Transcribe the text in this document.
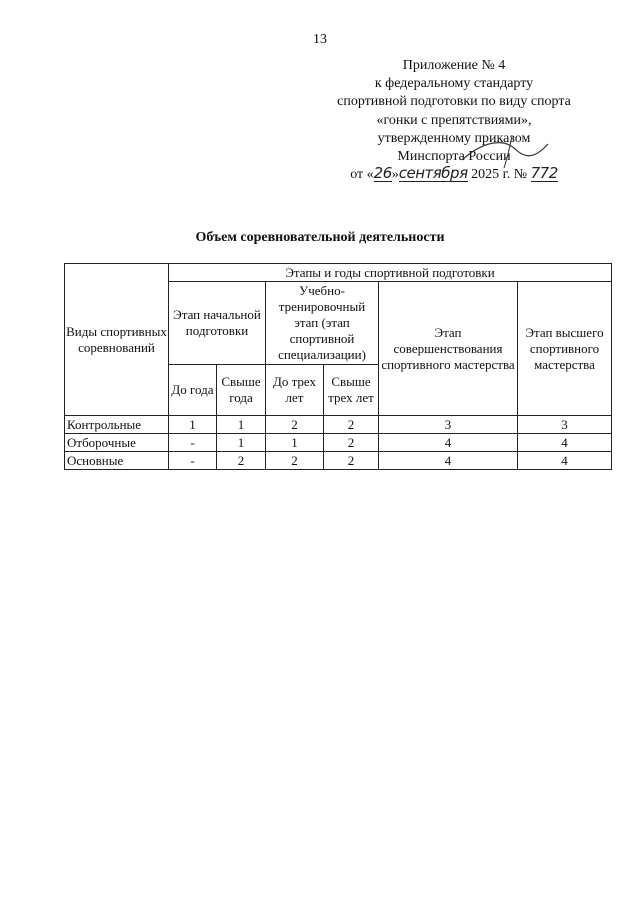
13
Приложение № 4
к федеральному стандарту
спортивной подготовки по виду спорта
«гонки с препятствиями»,
утвержденному приказом
Минспорта России
от «26»сентября 2025 г. № 772
Объем соревновательной деятельности
Виды спортивных соревнований	Этапы и годы спортивной подготовки					
	Этап начальной подготовки		Учебно-тренировочный этап (этап спортивной специализации)		Этап совершенствования спортивного мастерства	Этап высшего спортивного мастерства
	До года	Свыше года	До трех лет	Свыше трех лет		
Контрольные	1	1	2	2	3	3
Отборочные	-	1	1	2	4	4
Основные	-	2	2	2	4	4
